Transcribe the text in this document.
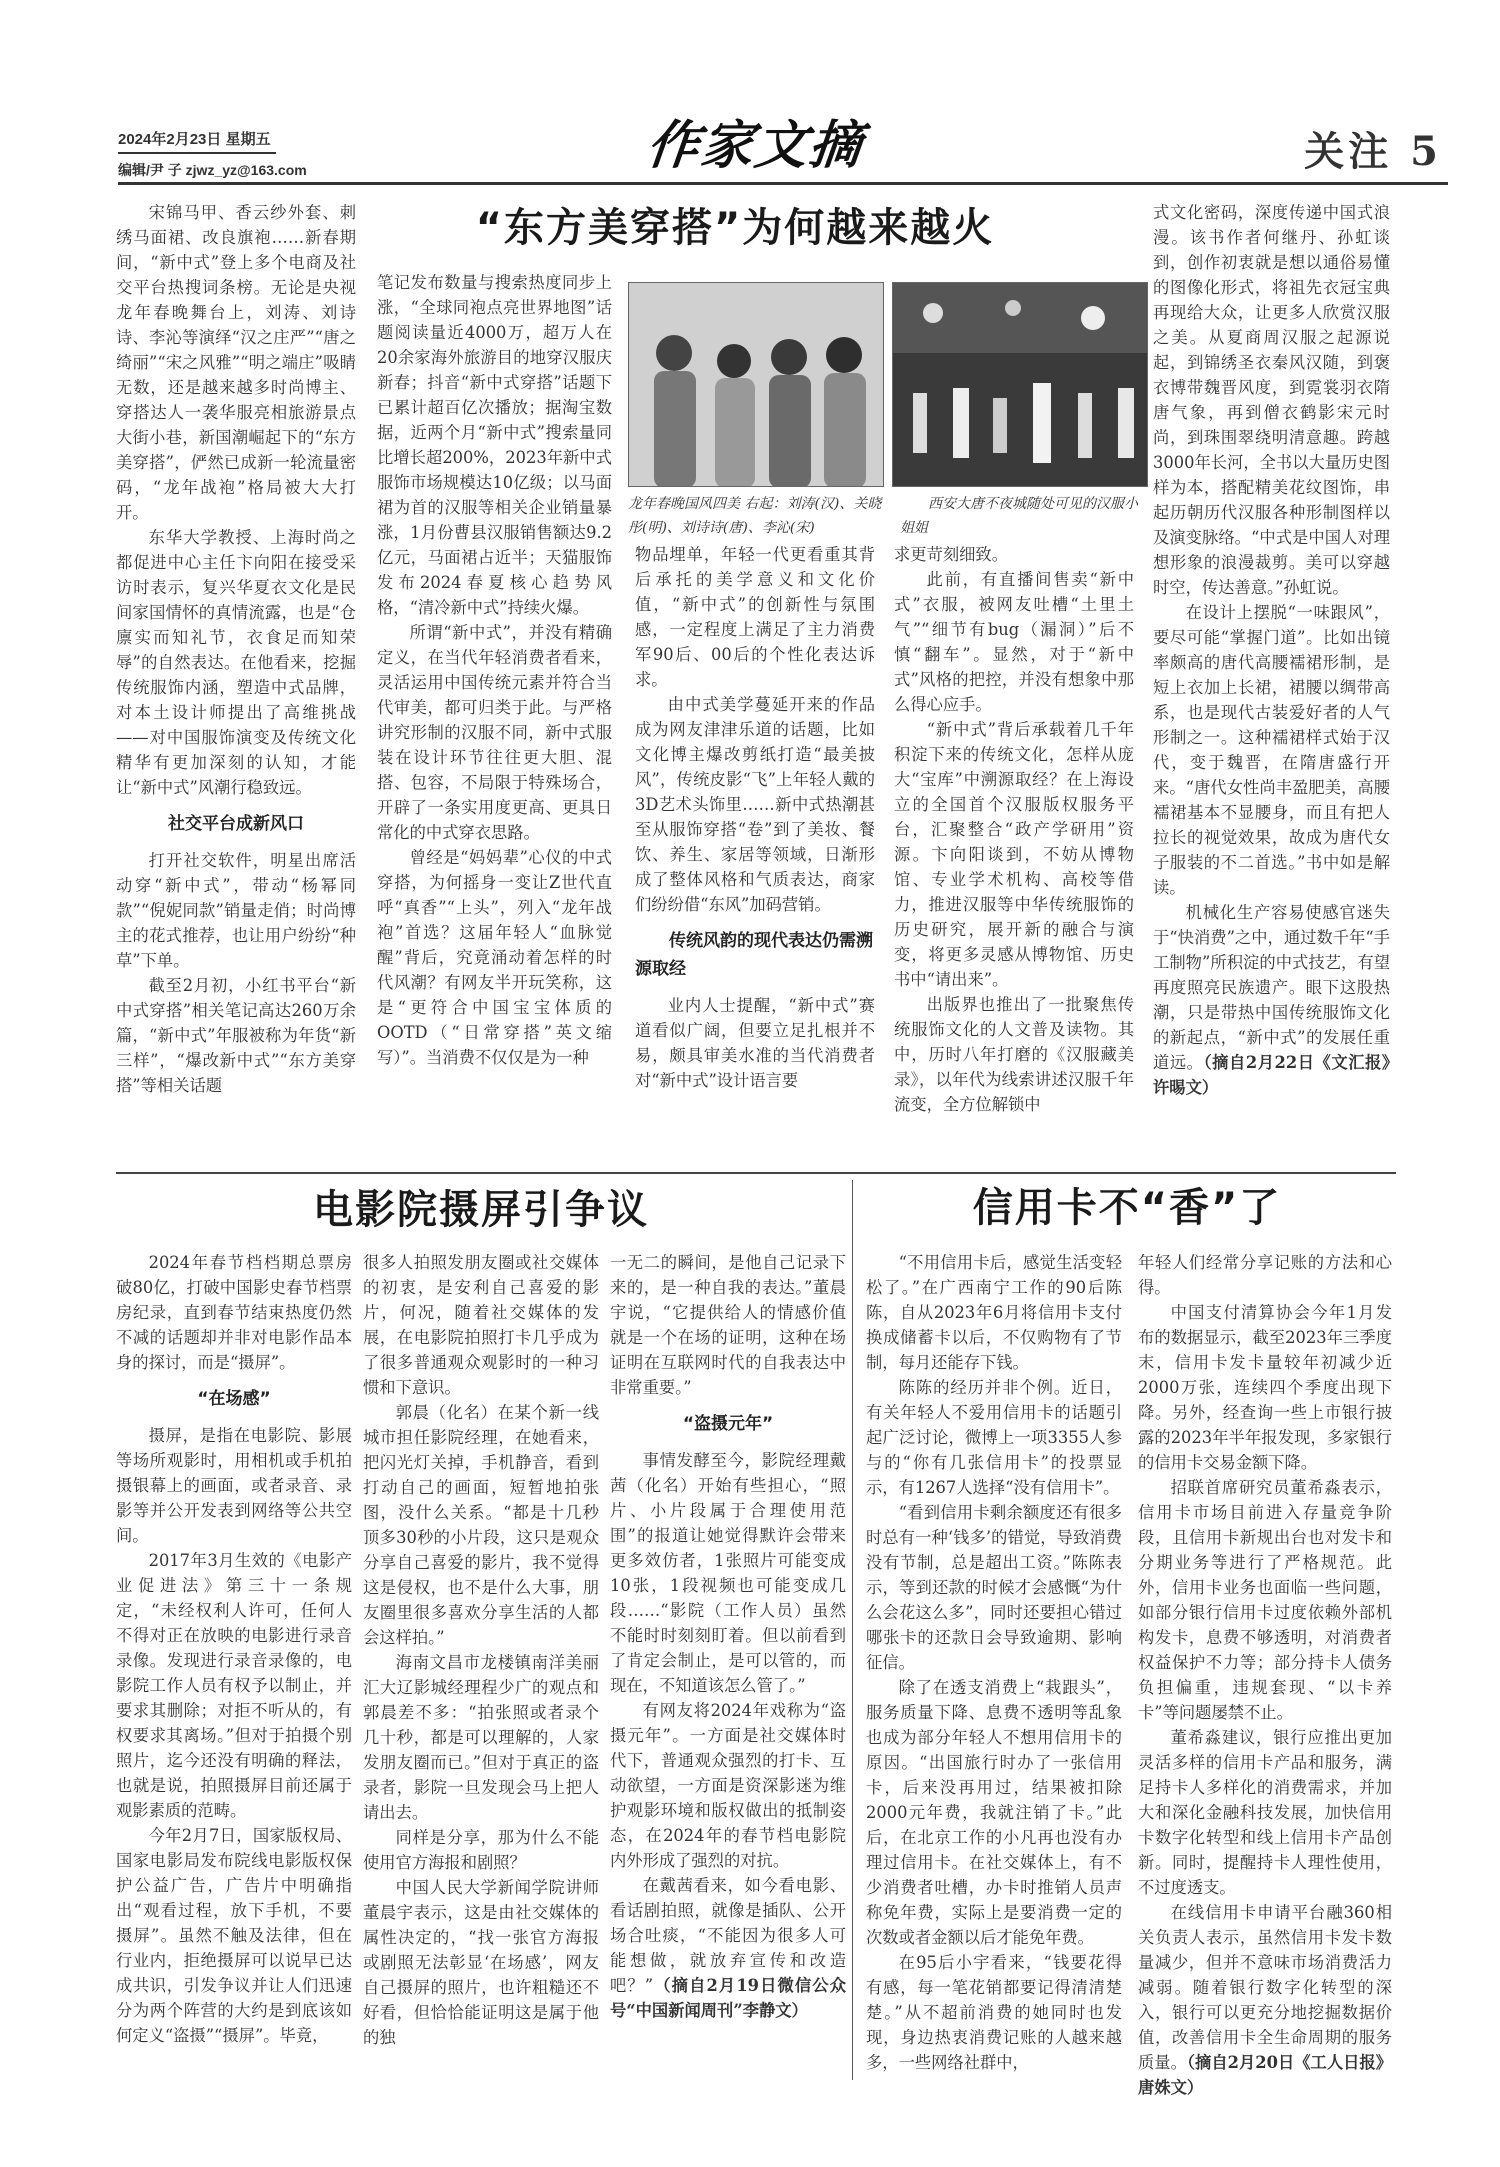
2024年2月23日 星期五
编辑/尹 子 zjwz_yz@163.com	作家文摘	关注 5

宋锦马甲、香云纱外套、刺绣马面裙、改良旗袍……新春期间，“新中式”登上多个电商及社交平台热搜词条榜。无论是央视龙年春晚舞台上，刘涛、刘诗诗、李沁等演绎“汉之庄严”“唐之绮丽”“宋之风雅”“明之端庄”吸睛无数，还是越来越多时尚博主、穿搭达人一袭华服亮相旅游景点大街小巷，新国潮崛起下的“东方美穿搭”，俨然已成新一轮流量密码，“龙年战袍”格局被大大打开。

东华大学教授、上海时尚之都促进中心主任卞向阳在接受采访时表示，复兴华夏衣文化是民间家国情怀的真情流露，也是“仓廪实而知礼节，衣食足而知荣辱”的自然表达。在他看来，挖掘传统服饰内涵，塑造中式品牌，对本土设计师提出了高维挑战——对中国服饰演变及传统文化精华有更加深刻的认知，才能让“新中式”风潮行稳致远。

社交平台成新风口

打开社交软件，明星出席活动穿“新中式”，带动“杨幂同款”“倪妮同款”销量走俏；时尚博主的花式推荐，也让用户纷纷“种草”下单。

截至2月初，小红书平台“新中式穿搭”相关笔记高达260万余篇，“新中式”年服被称为年货“新三样”，“爆改新中式”“东方美穿搭”等相关话题

“东方美穿搭”为何越来越火

笔记发布数量与搜索热度同步上涨，“全球同袍点亮世界地图”话题阅读量近4000万，超万人在20余家海外旅游目的地穿汉服庆新春；抖音“新中式穿搭”话题下已累计超百亿次播放；据淘宝数据，近两个月“新中式”搜索量同比增长超200%，2023年新中式服饰市场规模达10亿级；以马面裙为首的汉服等相关企业销量暴涨，1月份曹县汉服销售额达9.2亿元，马面裙占近半；天猫服饰发布2024春夏核心趋势风格，“清冷新中式”持续火爆。

所谓“新中式”，并没有精确定义，在当代年轻消费者看来，灵活运用中国传统元素并符合当代审美，都可归类于此。与严格讲究形制的汉服不同，新中式服装在设计环节往往更大胆、混搭、包容，不局限于特殊场合，开辟了一条实用度更高、更具日常化的中式穿衣思路。

曾经是“妈妈辈”心仪的中式穿搭，为何摇身一变让Z世代直呼“真香”“上头”，列入“龙年战袍”首选？这届年轻人“血脉觉醒”背后，究竟涌动着怎样的时代风潮？有网友半开玩笑称，这是“更符合中国宝宝体质的OOTD（“日常穿搭”英文缩写）”。当消费不仅仅是为一种

龙年春晚国风四美 右起：刘涛(汉)、关晓彤(明)、刘诗诗(唐)、李沁(宋)
西安大唐不夜城随处可见的汉服小姐姐

物品埋单，年轻一代更看重其背后承托的美学意义和文化价值，“新中式”的创新性与氛围感，一定程度上满足了主力消费军90后、00后的个性化表达诉求。

由中式美学蔓延开来的作品成为网友津津乐道的话题，比如文化博主爆改剪纸打造“最美披风”，传统皮影“飞”上年轻人戴的3D艺术头饰里……新中式热潮甚至从服饰穿搭“卷”到了美妆、餐饮、养生、家居等领域，日渐形成了整体风格和气质表达，商家们纷纷借“东风”加码营销。

传统风韵的现代表达仍需溯源取经

业内人士提醒，“新中式”赛道看似广阔，但要立足扎根并不易，颇具审美水准的当代消费者对“新中式”设计语言要

求更苛刻细致。

此前，有直播间售卖“新中式”衣服，被网友吐槽“土里土气”“细节有bug（漏洞）”后不慎“翻车”。显然，对于“新中式”风格的把控，并没有想象中那么得心应手。

“新中式”背后承载着几千年积淀下来的传统文化，怎样从庞大“宝库”中溯源取经？在上海设立的全国首个汉服版权服务平台，汇聚整合“政产学研用”资源。卞向阳谈到，不妨从博物馆、专业学术机构、高校等借力，推进汉服等中华传统服饰的历史研究，展开新的融合与演变，将更多灵感从博物馆、历史书中“请出来”。

出版界也推出了一批聚焦传统服饰文化的人文普及读物。其中，历时八年打磨的《汉服藏美录》，以年代为线索讲述汉服千年流变，全方位解锁中

式文化密码，深度传递中国式浪漫。该书作者何继丹、孙虹谈到，创作初衷就是想以通俗易懂的图像化形式，将祖先衣冠宝典再现给大众，让更多人欣赏汉服之美。从夏商周汉服之起源说起，到锦绣圣衣秦风汉随，到褒衣博带魏晋风度，到霓裳羽衣隋唐气象，再到僧衣鹤影宋元时尚，到珠围翠绕明清意趣。跨越3000年长河，全书以大量历史图样为本，搭配精美花纹图饰，串起历朝历代汉服各种形制图样以及演变脉络。“中式是中国人对理想形象的浪漫裁剪。美可以穿越时空，传达善意。”孙虹说。

在设计上摆脱“一味跟风”，要尽可能“掌握门道”。比如出镜率颇高的唐代高腰襦裙形制，是短上衣加上长裙，裙腰以绸带高系，也是现代古装爱好者的人气形制之一。这种襦裙样式始于汉代，变于魏晋，在隋唐盛行开来。“唐代女性尚丰盈肥美，高腰襦裙基本不显腰身，而且有把人拉长的视觉效果，故成为唐代女子服装的不二首选。”书中如是解读。

机械化生产容易使感官迷失于“快消费”之中，通过数千年“手工制物”所积淀的中式技艺，有望再度照亮民族遗产。眼下这股热潮，只是带热中国传统服饰文化的新起点，“新中式”的发展任重道远。（摘自2月22日《文汇报》许晹文）

电影院摄屏引争议

2024年春节档档期总票房破80亿，打破中国影史春节档票房纪录，直到春节结束热度仍然不减的话题却并非对电影作品本身的探讨，而是“摄屏”。

“在场感”

摄屏，是指在电影院、影展等场所观影时，用相机或手机拍摄银幕上的画面，或者录音、录影等并公开发表到网络等公共空间。

2017年3月生效的《电影产业促进法》第三十一条规定，“未经权利人许可，任何人不得对正在放映的电影进行录音录像。发现进行录音录像的，电影院工作人员有权予以制止，并要求其删除；对拒不听从的，有权要求其离场。”但对于拍摄个别照片，迄今还没有明确的释法，也就是说，拍照摄屏目前还属于观影素质的范畴。

今年2月7日，国家版权局、国家电影局发布院线电影版权保护公益广告，广告片中明确指出“观看过程，放下手机，不要摄屏”。虽然不触及法律，但在行业内，拒绝摄屏可以说早已达成共识，引发争议并让人们迅速分为两个阵营的大约是到底该如何定义“盗摄”“摄屏”。毕竟，

很多人拍照发朋友圈或社交媒体的初衷，是安利自己喜爱的影片，何况，随着社交媒体的发展，在电影院拍照打卡几乎成为了很多普通观众观影时的一种习惯和下意识。

郭晨（化名）在某个新一线城市担任影院经理，在她看来，把闪光灯关掉，手机静音，看到打动自己的画面，短暂地拍张图，没什么关系。“都是十几秒顶多30秒的小片段，这只是观众分享自己喜爱的影片，我不觉得这是侵权，也不是什么大事，朋友圈里很多喜欢分享生活的人都会这样拍。”

海南文昌市龙楼镇南洋美丽汇大辽影城经理程少广的观点和郭晨差不多：“拍张照或者录个几十秒，都是可以理解的，人家发朋友圈而已。”但对于真正的盗录者，影院一旦发现会马上把人请出去。

同样是分享，那为什么不能使用官方海报和剧照？

中国人民大学新闻学院讲师董晨宇表示，这是由社交媒体的属性决定的，“找一张官方海报或剧照无法彰显‘在场感’，网友自己摄屏的照片，也许粗糙还不好看，但恰恰能证明这是属于他的独

一无二的瞬间，是他自己记录下来的，是一种自我的表达。”董晨宇说，“它提供给人的情感价值就是一个在场的证明，这种在场证明在互联网时代的自我表达中非常重要。”

“盗摄元年”

事情发酵至今，影院经理戴茜（化名）开始有些担心，“照片、小片段属于合理使用范围”的报道让她觉得默许会带来更多效仿者，1张照片可能变成10张，1段视频也可能变成几段……“影院（工作人员）虽然不能时时刻刻盯着。但以前看到了肯定会制止，是可以管的，而现在，不知道该怎么管了。”

有网友将2024年戏称为“盗摄元年”。一方面是社交媒体时代下，普通观众强烈的打卡、互动欲望，一方面是资深影迷为维护观影环境和版权做出的抵制姿态，在2024年的春节档电影院内外形成了强烈的对抗。

在戴茜看来，如今看电影、看话剧拍照，就像是插队、公开场合吐痰，“不能因为很多人可能想做，就放弃宣传和改造吧？”（摘自2月19日微信公众号“中国新闻周刊”李静文）

信用卡不“香”了

“不用信用卡后，感觉生活变轻松了。”在广西南宁工作的90后陈陈，自从2023年6月将信用卡支付换成储蓄卡以后，不仅购物有了节制，每月还能存下钱。

陈陈的经历并非个例。近日，有关年轻人不爱用信用卡的话题引起广泛讨论，微博上一项3355人参与的“你有几张信用卡”的投票显示，有1267人选择“没有信用卡”。

“看到信用卡剩余额度还有很多时总有一种‘钱多’的错觉，导致消费没有节制，总是超出工资。”陈陈表示，等到还款的时候才会感慨“为什么会花这么多”，同时还要担心错过哪张卡的还款日会导致逾期、影响征信。

除了在透支消费上“栽跟头”，服务质量下降、息费不透明等乱象也成为部分年轻人不想用信用卡的原因。“出国旅行时办了一张信用卡，后来没再用过，结果被扣除2000元年费，我就注销了卡。”此后，在北京工作的小凡再也没有办理过信用卡。在社交媒体上，有不少消费者吐槽，办卡时推销人员声称免年费，实际上是要消费一定的次数或者金额以后才能免年费。

在95后小宇看来，“钱要花得有感，每一笔花销都要记得清清楚楚。”从不超前消费的她同时也发现，身边热衷消费记账的人越来越多，一些网络社群中，

年轻人们经常分享记账的方法和心得。

中国支付清算协会今年1月发布的数据显示，截至2023年三季度末，信用卡发卡量较年初减少近2000万张，连续四个季度出现下降。另外，经查询一些上市银行披露的2023年半年报发现，多家银行的信用卡交易金额下降。

招联首席研究员董希淼表示，信用卡市场目前进入存量竞争阶段，且信用卡新规出台也对发卡和分期业务等进行了严格规范。此外，信用卡业务也面临一些问题，如部分银行信用卡过度依赖外部机构发卡，息费不够透明，对消费者权益保护不力等；部分持卡人债务负担偏重，违规套现、“以卡养卡”等问题屡禁不止。

董希淼建议，银行应推出更加灵活多样的信用卡产品和服务，满足持卡人多样化的消费需求，并加大和深化金融科技发展，加快信用卡数字化转型和线上信用卡产品创新。同时，提醒持卡人理性使用，不过度透支。

在线信用卡申请平台融360相关负责人表示，虽然信用卡发卡数量减少，但并不意味市场消费活力减弱。随着银行数字化转型的深入，银行可以更充分地挖掘数据价值，改善信用卡全生命周期的服务质量。（摘自2月20日《工人日报》唐姝文）
